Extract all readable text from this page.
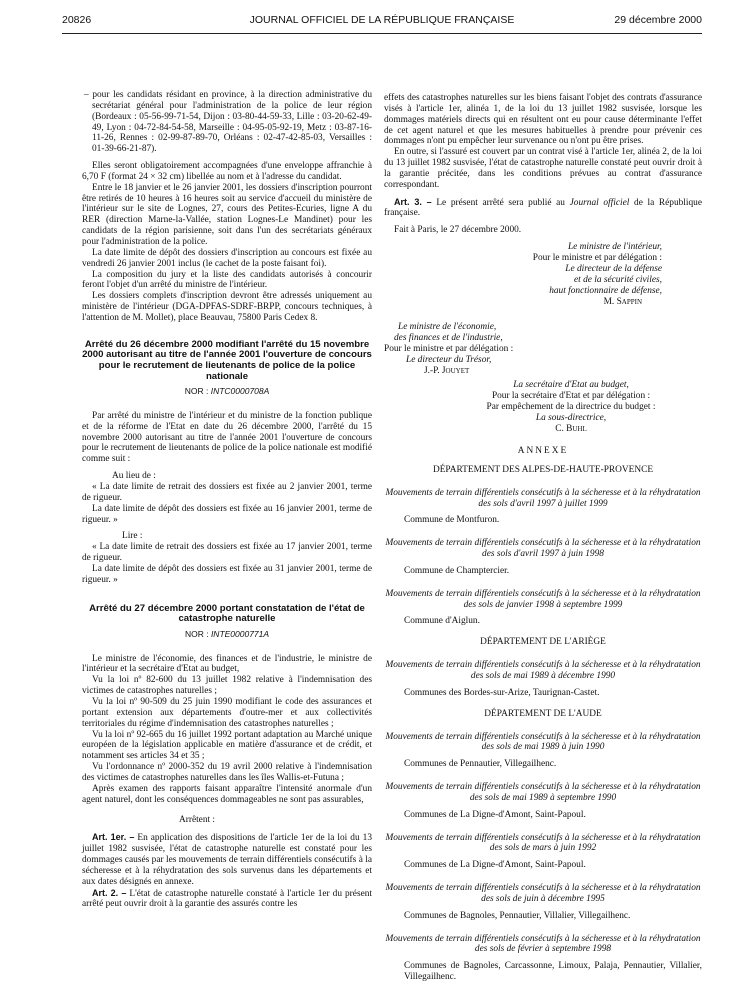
20826	JOURNAL OFFICIEL DE LA RÉPUBLIQUE FRANÇAISE	29 décembre 2000

– pour les candidats résidant en province, à la direction administrative du secrétariat général pour l'administration de la police de leur région (Bordeaux : 05-56-99-71-54, Dijon : 03-80-44-59-33, Lille : 03-20-62-49-49, Lyon : 04-72-84-54-58, Marseille : 04-95-05-92-19, Metz : 03-87-16-11-26, Rennes : 02-99-87-89-70, Orléans : 02-47-42-85-03, Versailles : 01-39-66-21-87).

Elles seront obligatoirement accompagnées d'une enveloppe affranchie à 6,70 F (format 24 × 32 cm) libellée au nom et à l'adresse du candidat.

Entre le 18 janvier et le 26 janvier 2001, les dossiers d'inscription pourront être retirés de 10 heures à 16 heures soit au service d'accueil du ministère de l'intérieur sur le site de Lognes, 27, cours des Petites-Ecuries, ligne A du RER (direction Marne-la-Vallée, station Lognes-Le Mandinet) pour les candidats de la région parisienne, soit dans l'un des secrétariats généraux pour l'administration de la police.

La date limite de dépôt des dossiers d'inscription au concours est fixée au vendredi 26 janvier 2001 inclus (le cachet de la poste faisant foi).

La composition du jury et la liste des candidats autorisés à concourir feront l'objet d'un arrêté du ministre de l'intérieur.

Les dossiers complets d'inscription devront être adressés uniquement au ministère de l'intérieur (DGA-DPFAS-SDRF-BRPP, concours techniques, à l'attention de M. Mollet), place Beauvau, 75800 Paris Cedex 8.

Arrêté du 26 décembre 2000 modifiant l'arrêté du 15 novembre 2000 autorisant au titre de l'année 2001 l'ouverture de concours pour le recrutement de lieutenants de police de la police nationale
NOR : INTC0000708A

Par arrêté du ministre de l'intérieur et du ministre de la fonction publique et de la réforme de l'Etat en date du 26 décembre 2000, l'arrêté du 15 novembre 2000 autorisant au titre de l'année 2001 l'ouverture de concours pour le recrutement de lieutenants de police de la police nationale est modifié comme suit :

Au lieu de :

« La date limite de retrait des dossiers est fixée au 2 janvier 2001, terme de rigueur.

La date limite de dépôt des dossiers est fixée au 16 janvier 2001, terme de rigueur. »

Lire :

« La date limite de retrait des dossiers est fixée au 17 janvier 2001, terme de rigueur.

La date limite de dépôt des dossiers est fixée au 31 janvier 2001, terme de rigueur. »

Arrêté du 27 décembre 2000 portant constatation de l'état de catastrophe naturelle
NOR : INTE0000771A

Le ministre de l'économie, des finances et de l'industrie, le ministre de l'intérieur et la secrétaire d'Etat au budget,

Vu la loi nº 82-600 du 13 juillet 1982 relative à l'indemnisation des victimes de catastrophes naturelles ;

Vu la loi nº 90-509 du 25 juin 1990 modifiant le code des assurances et portant extension aux départements d'outre-mer et aux collectivités territoriales du régime d'indemnisation des catastrophes naturelles ;

Vu la loi nº 92-665 du 16 juillet 1992 portant adaptation au Marché unique européen de la législation applicable en matière d'assurance et de crédit, et notamment ses articles 34 et 35 ;

Vu l'ordonnance nº 2000-352 du 19 avril 2000 relative à l'indemnisation des victimes de catastrophes naturelles dans les îles Wallis-et-Futuna ;

Après examen des rapports faisant apparaître l'intensité anormale d'un agent naturel, dont les conséquences dommageables ne sont pas assurables,

Arrêtent :

Art. 1er. – En application des dispositions de l'article 1er de la loi du 13 juillet 1982 susvisée, l'état de catastrophe naturelle est constaté pour les dommages causés par les mouvements de terrain différentiels consécutifs à la sécheresse et à la réhydratation des sols survenus dans les départements et aux dates désignés en annexe.

Art. 2. – L'état de catastrophe naturelle constaté à l'article 1er du présent arrêté peut ouvrir droit à la garantie des assurés contre les

effets des catastrophes naturelles sur les biens faisant l'objet des contrats d'assurance visés à l'article 1er, alinéa 1, de la loi du 13 juillet 1982 susvisée, lorsque les dommages matériels directs qui en résultent ont eu pour cause déterminante l'effet de cet agent naturel et que les mesures habituelles à prendre pour prévenir ces dommages n'ont pu empêcher leur survenance ou n'ont pu être prises.

En outre, si l'assuré est couvert par un contrat visé à l'article 1er, alinéa 2, de la loi du 13 juillet 1982 susvisée, l'état de catastrophe naturelle constaté peut ouvrir droit à la garantie précitée, dans les conditions prévues au contrat d'assurance correspondant.

Art. 3. – Le présent arrêté sera publié au Journal officiel de la République française.

Fait à Paris, le 27 décembre 2000.

Le ministre de l'intérieur,
Pour le ministre et par délégation :
Le directeur de la défense
et de la sécurité civiles,
haut fonctionnaire de défense,
M. Sappin
Le ministre de l'économie,
des finances et de l'industrie,
Pour le ministre et par délégation :
Le directeur du Trésor,
J.-P. Jouyet
La secrétaire d'Etat au budget,
Pour la secrétaire d'Etat et par délégation :
Par empêchement de la directrice du budget :
La sous-directrice,
C. Buhl
ANNEXE
DÉPARTEMENT DES ALPES-DE-HAUTE-PROVENCE
Mouvements de terrain différentiels consécutifs à la sécheresse et à la réhydratation des sols d'avril 1997 à juillet 1999
Commune de Montfuron.
Mouvements de terrain différentiels consécutifs à la sécheresse et à la réhydratation des sols d'avril 1997 à juin 1998
Commune de Champtercier.
Mouvements de terrain différentiels consécutifs à la sécheresse et à la réhydratation des sols de janvier 1998 à septembre 1999
Commune d'Aiglun.
DÉPARTEMENT DE L'ARIÈGE
Mouvements de terrain différentiels consécutifs à la sécheresse et à la réhydratation des sols de mai 1989 à décembre 1990
Communes des Bordes-sur-Arize, Taurignan-Castet.
DÉPARTEMENT DE L'AUDE
Mouvements de terrain différentiels consécutifs à la sécheresse et à la réhydratation des sols de mai 1989 à juin 1990
Communes de Pennautier, Villegailhenc.
Mouvements de terrain différentiels consécutifs à la sécheresse et à la réhydratation des sols de mai 1989 à septembre 1990
Communes de La Digne-d'Amont, Saint-Papoul.
Mouvements de terrain différentiels consécutifs à la sécheresse et à la réhydratation des sols de mars à juin 1992
Communes de La Digne-d'Amont, Saint-Papoul.
Mouvements de terrain différentiels consécutifs à la sécheresse et à la réhydratation des sols de juin à décembre 1995
Communes de Bagnoles, Pennautier, Villalier, Villegailhenc.
Mouvements de terrain différentiels consécutifs à la sécheresse et à la réhydratation des sols de février à septembre 1998
Communes de Bagnoles, Carcassonne, Limoux, Palaja, Pennautier, Villalier, Villegailhenc.
